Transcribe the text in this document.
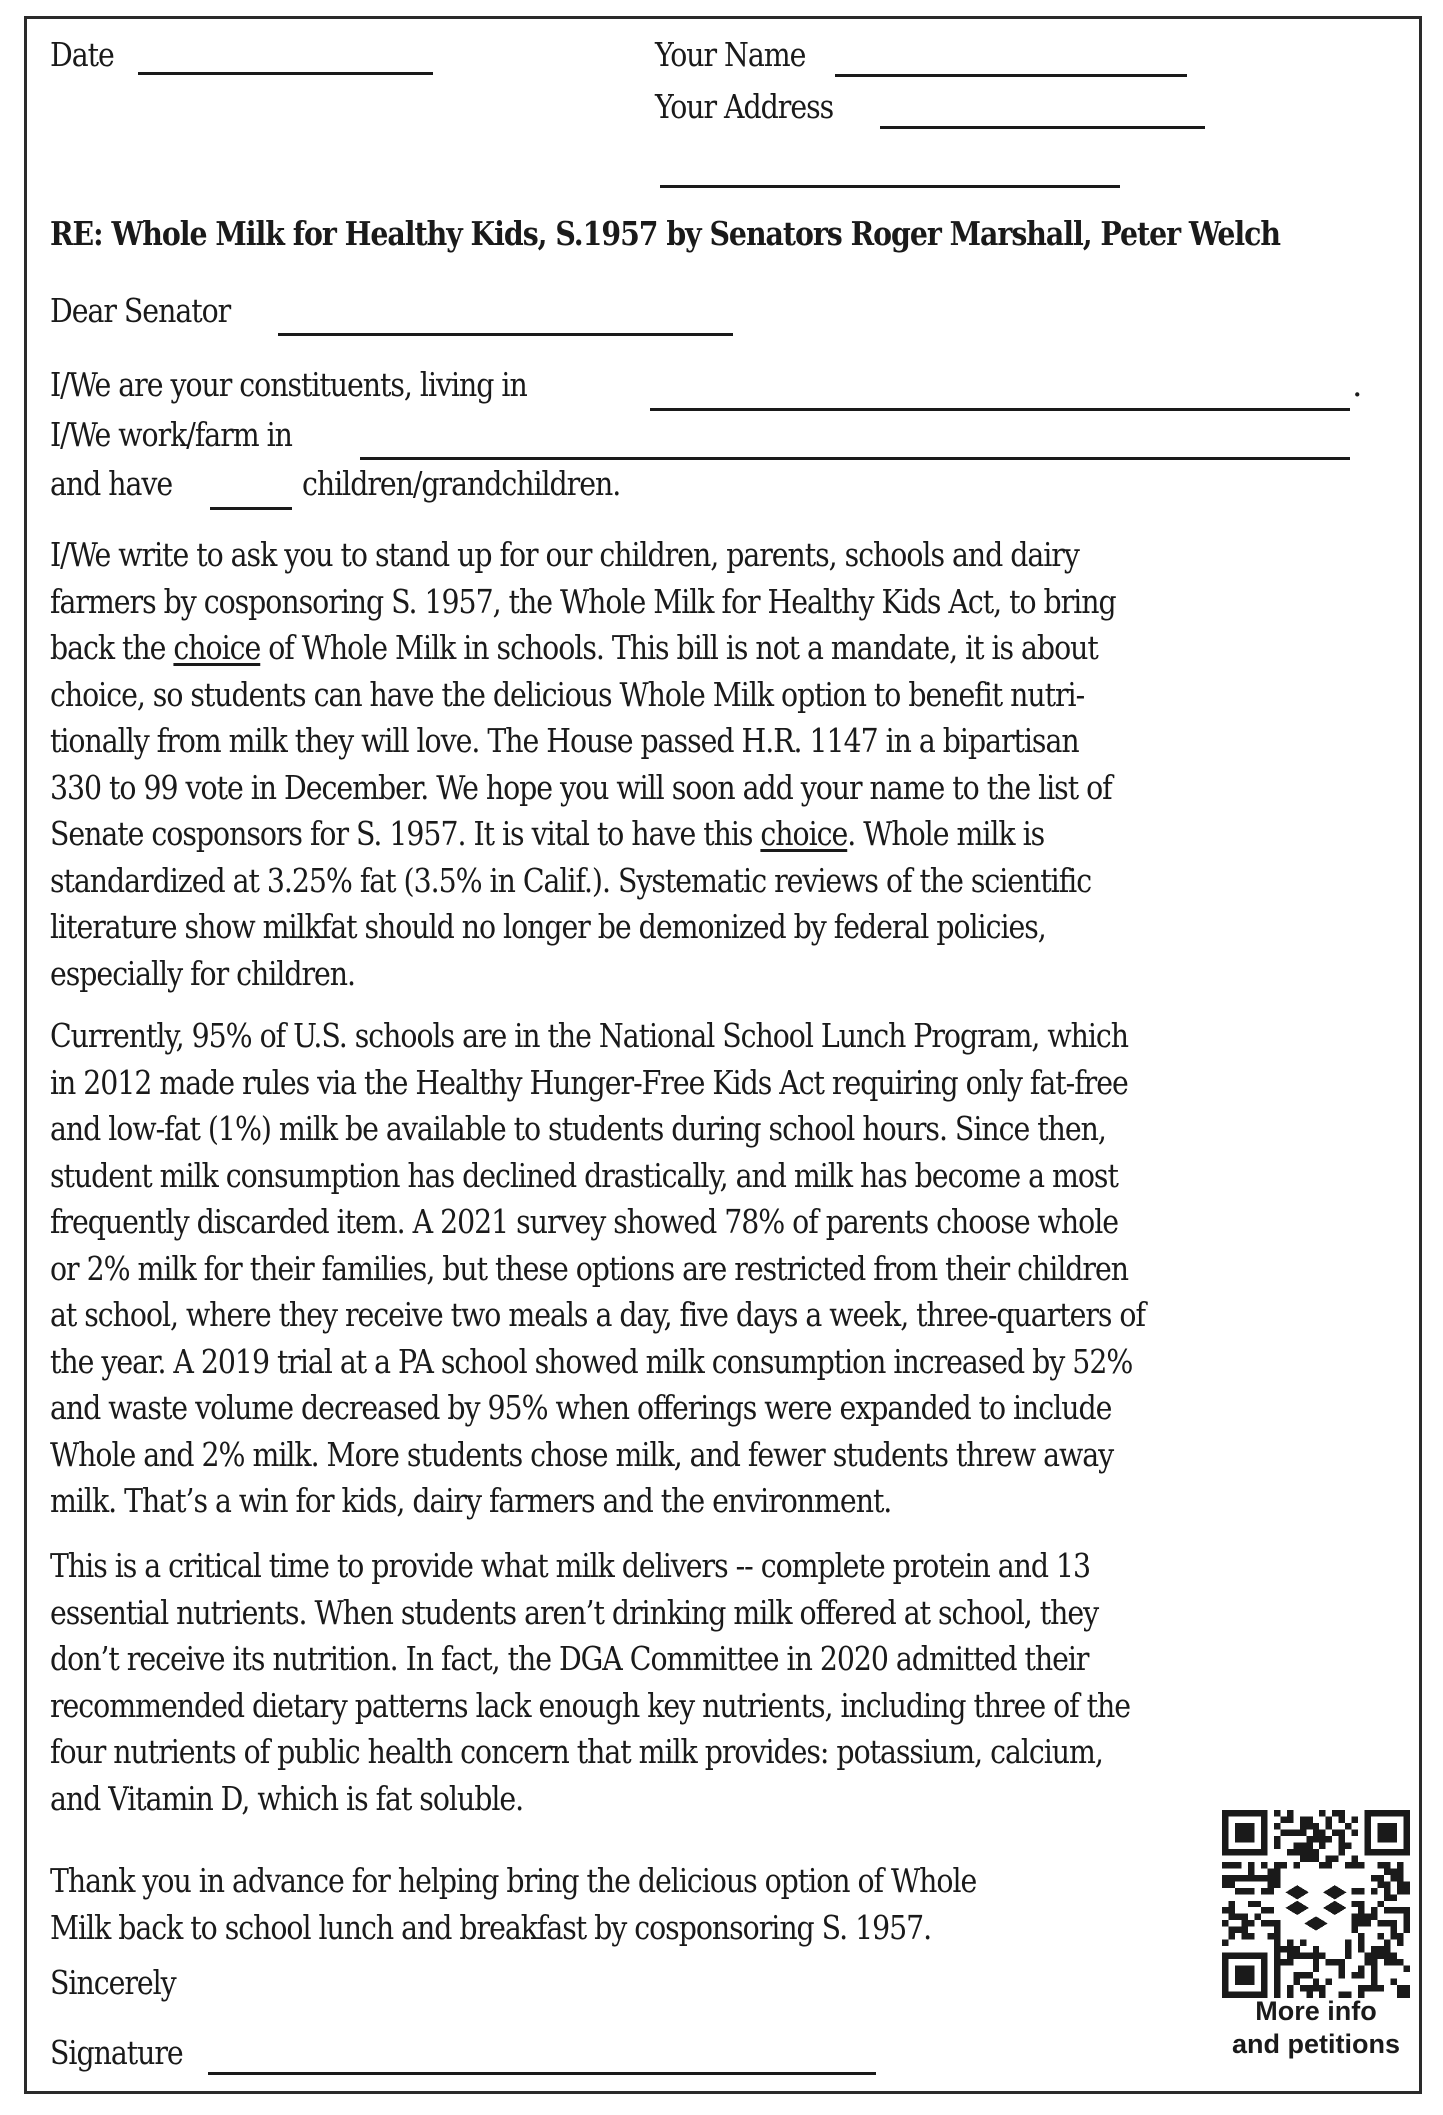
Date	Your Name
Your Address
RE: Whole Milk for Healthy Kids, S.1957 by Senators Roger Marshall, Peter Welch
Dear Senator
I/We are your constituents, living in	.
I/We work/farm in
and have	children/grandchildren.
I/We write to ask you to stand up for our children, parents, schools and dairy
farmers by cosponsoring S. 1957, the Whole Milk for Healthy Kids Act, to bring
back the choice of Whole Milk in schools. This bill is not a mandate, it is about
choice, so students can have the delicious Whole Milk option to benefit nutri-
tionally from milk they will love. The House passed H.R. 1147 in a bipartisan
330 to 99 vote in December. We hope you will soon add your name to the list of
Senate cosponsors for S. 1957. It is vital to have this choice. Whole milk is
standardized at 3.25% fat (3.5% in Calif.). Systematic reviews of the scientific
literature show milkfat should no longer be demonized by federal policies,
especially for children.
Currently, 95% of U.S. schools are in the National School Lunch Program, which
in 2012 made rules via the Healthy Hunger-Free Kids Act requiring only fat-free
and low-fat (1%) milk be available to students during school hours. Since then,
student milk consumption has declined drastically, and milk has become a most
frequently discarded item. A 2021 survey showed 78% of parents choose whole
or 2% milk for their families, but these options are restricted from their children
at school, where they receive two meals a day, five days a week, three-quarters of
the year. A 2019 trial at a PA school showed milk consumption increased by 52%
and waste volume decreased by 95% when offerings were expanded to include
Whole and 2% milk. More students chose milk, and fewer students threw away
milk. That’s a win for kids, dairy farmers and the environment.
This is a critical time to provide what milk delivers -- complete protein and 13
essential nutrients. When students aren’t drinking milk offered at school, they
don’t receive its nutrition. In fact, the DGA Committee in 2020 admitted their
recommended dietary patterns lack enough key nutrients, including three of the
four nutrients of public health concern that milk provides: potassium, calcium,
and Vitamin D, which is fat soluble.
Thank you in advance for helping bring the delicious option of Whole
Milk back to school lunch and breakfast by cosponsoring S. 1957.
Sincerely
Signature
More info
and petitions
